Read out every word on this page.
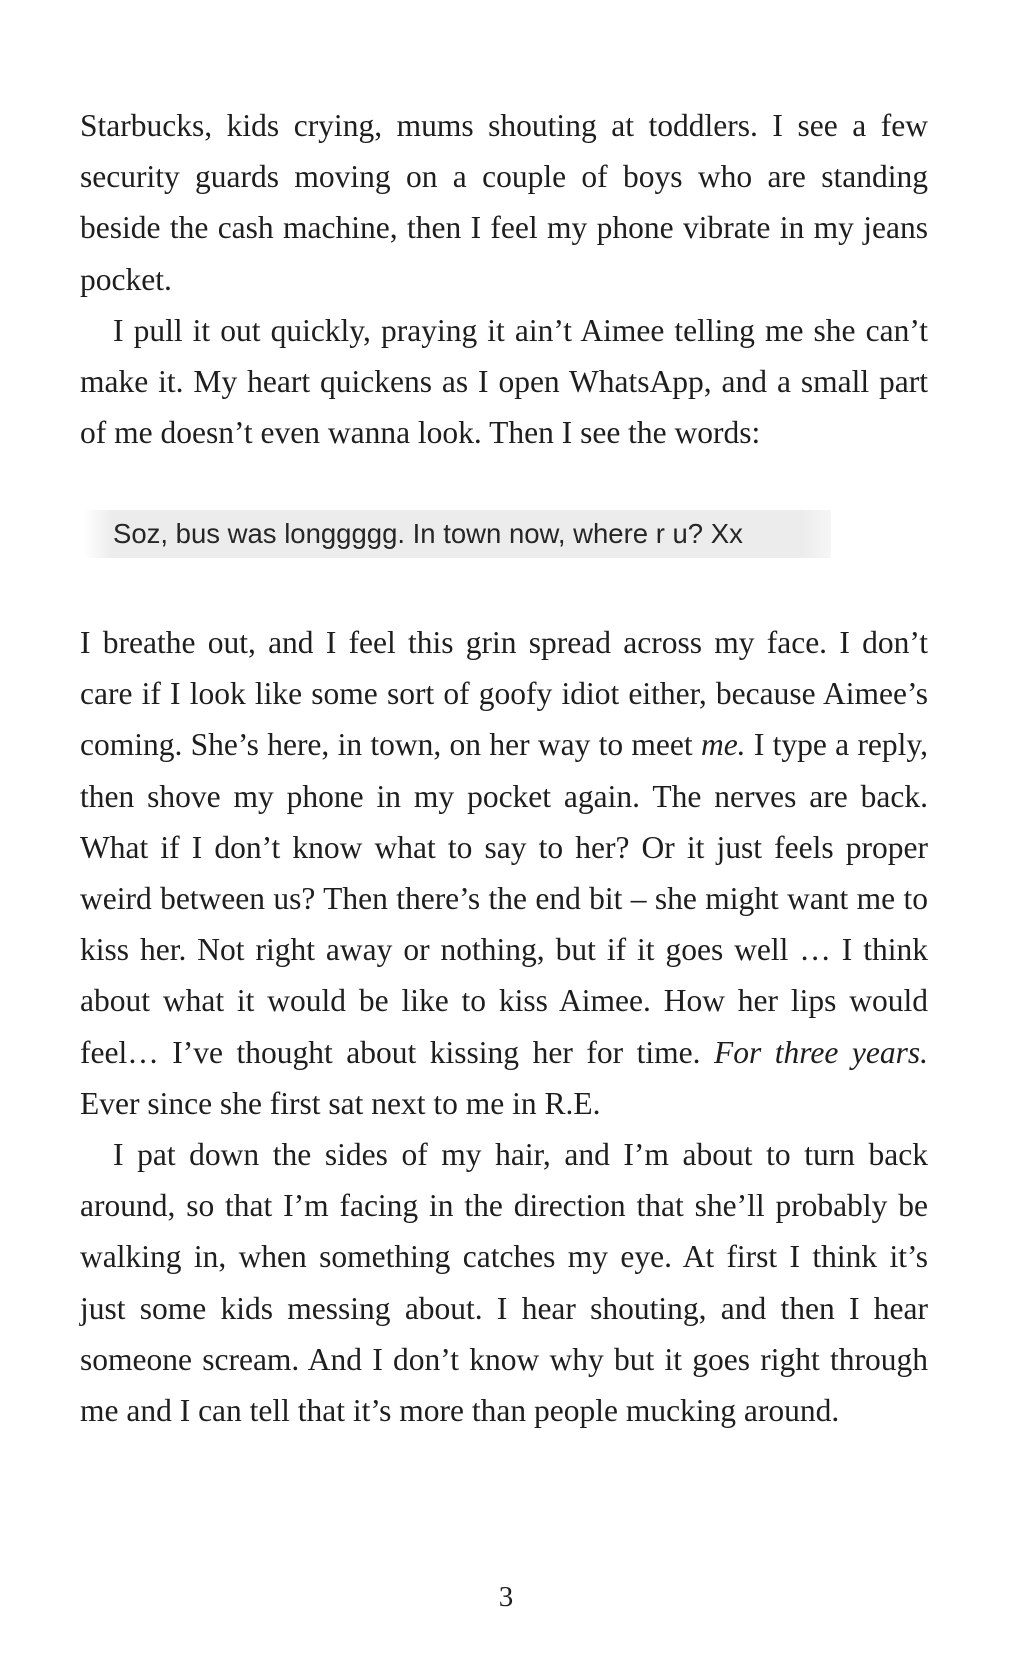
Starbucks, kids crying, mums shouting at toddlers. I see a few security guards moving on a couple of boys who are standing beside the cash machine, then I feel my phone vibrate in my jeans pocket.

I pull it out quickly, praying it ain’t Aimee telling me she can’t make it. My heart quickens as I open WhatsApp, and a small part of me doesn’t even wanna look. Then I see the words:

Soz, bus was longgggg. In town now, where r u? Xx

I breathe out, and I feel this grin spread across my face. I don’t care if I look like some sort of goofy idiot either, because Aimee’s coming. She’s here, in town, on her way to meet me. I type a reply, then shove my phone in my pocket again. The nerves are back. What if I don’t know what to say to her? Or it just feels proper weird between us? Then there’s the end bit – she might want me to kiss her. Not right away or nothing, but if it goes well … I think about what it would be like to kiss Aimee. How her lips would feel… I’ve thought about kissing her for time. For three years. Ever since she first sat next to me in R.E.

I pat down the sides of my hair, and I’m about to turn back around, so that I’m facing in the direction that she’ll probably be walking in, when something catches my eye. At first I think it’s just some kids messing about. I hear shouting, and then I hear someone scream. And I don’t know why but it goes right through me and I can tell that it’s more than people mucking around.

3
